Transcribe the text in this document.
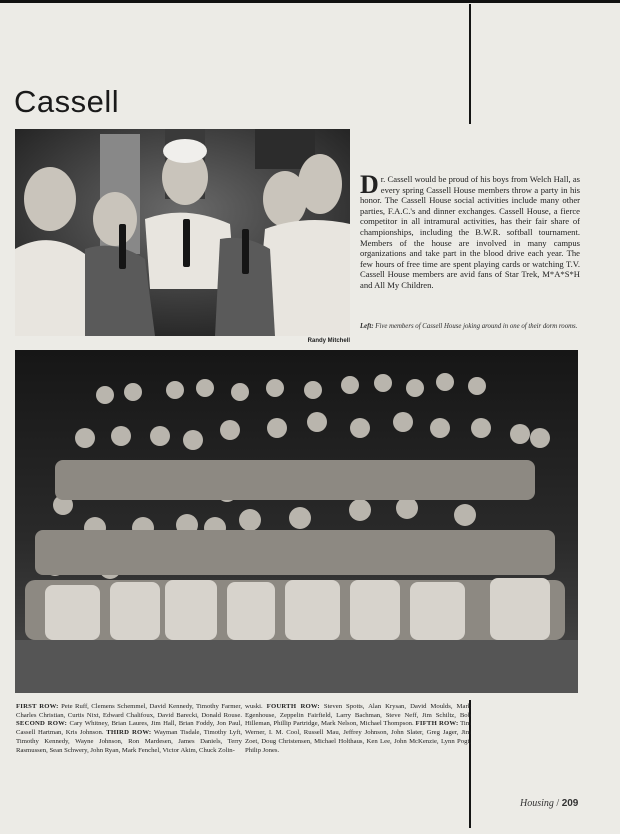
Cassell
Randy Mitchell

Dr. Cassell would be proud of his boys from Welch Hall, as every spring Cassell House members throw a party in his honor. The Cassell House social activities include many other parties, F.A.C.'s and dinner exchanges. Cassell House, a fierce competitor in all intramural activities, has their fair share of championships, including the B.W.R. softball tournament. Members of the house are involved in many campus organizations and take part in the blood drive each year. The few hours of free time are spent playing cards or watching T.V. Cassell House members are avid fans of Star Trek, M*A*S*H and All My Children.

Left: Five members of Cassell House joking around in one of their dorm rooms.

FIRST ROW: Pete Ruff, Clemens Schemmel, David Kennedy, Timothy Farmer, Charles Christian, Curtis Nixt, Edward Chalifoux, David Barecki, Donald Rouse. SECOND ROW: Cary Whitney, Brian Laures, Jim Hall, Brian Foddy, Jon Paul, Cassell Hartman, Kris Johnson. THIRD ROW: Wayman Tisdale, Timothy Lyft, Timothy Kennedy, Wayne Johnson, Ron Mardesen, James Daniels, Terry Rasmussen, Sean Schwery, John Ryan, Mark Fenchel, Victor Akim, Chuck Zolin-

wuski. FOURTH ROW: Steven Spotts, Alan Krysan, David Moulds, Mark Egenhouse, Zeppelin Fairfield, Larry Bachman, Steve Neff, Jim Schiltz, Bob Hilleman, Phillip Partridge, Mark Nelson, Michael Thompson. FIFTH ROW: Tim Werner, I. M. Cool, Russell Mau, Jeffrey Johnson, John Slater, Greg Jager, Jim Zoet, Doug Christensen, Michael Holthaus, Ken Lee, John McKenzie, Lynn Pogt, Philip Jones.

Housing / 209
